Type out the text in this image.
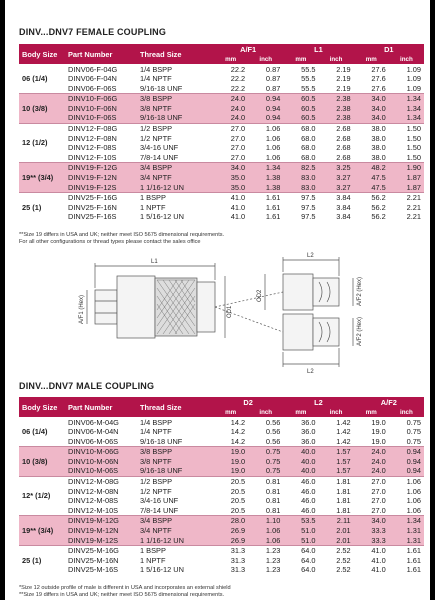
DINV...DNV7 FEMALE COUPLING
Body Size	Part Number	Thread Size	A/F1		L1		D1	
			mm	inch	mm	inch	mm	inch
06 (1/4)	DINV06-F-04G	1/4 BSPP	22.2	0.87	55.5	2.19	27.6	1.09
	DINV06-F-04N	1/4 NPTF	22.2	0.87	55.5	2.19	27.6	1.09
	DINV06-F-06S	9/16-18 UNF	22.2	0.87	55.5	2.19	27.6	1.09
10 (3/8)	DINV10-F-06G	3/8 BSPP	24.0	0.94	60.5	2.38	34.0	1.34
	DINV10-F-06N	3/8 NPTF	24.0	0.94	60.5	2.38	34.0	1.34
	DINV10-F-06S	9/16-18 UNF	24.0	0.94	60.5	2.38	34.0	1.34
12 (1/2)	DINV12-F-08G	1/2 BSPP	27.0	1.06	68.0	2.68	38.0	1.50
	DINV12-F-08N	1/2 NPTF	27.0	1.06	68.0	2.68	38.0	1.50
	DINV12-F-08S	3/4-16 UNF	27.0	1.06	68.0	2.68	38.0	1.50
	DINV12-F-10S	7/8-14 UNF	27.0	1.06	68.0	2.68	38.0	1.50
19** (3/4)	DINV19-F-12G	3/4 BSPP	34.0	1.34	82.5	3.25	48.2	1.90
	DINV19-F-12N	3/4 NPTF	35.0	1.38	83.0	3.27	47.5	1.87
	DINV19-F-12S	1 1/16-12 UN	35.0	1.38	83.0	3.27	47.5	1.87
25 (1)	DINV25-F-16G	1 BSPP	41.0	1.61	97.5	3.84	56.2	2.21
	DINV25-F-16N	1 NPTF	41.0	1.61	97.5	3.84	56.2	2.21
	DINV25-F-16S	1 5/16-12 UN	41.0	1.61	97.5	3.84	56.2	2.21
**Size 19 differs in USA and UK; neither meet ISO 5675 dimensional requirements.
For all other configurations or thread types please contact the sales office
L1
L2
L2
A/F1 (Hex)	OD1
OD2	A/F2 (Hex)
A/F2 (Hex)
DINV...DNV7 MALE COUPLING
Body Size	Part Number	Thread Size	D2		L2		A/F2	
			mm	inch	mm	inch	mm	inch
06 (1/4)	DINV06-M-04G	1/4 BSPP	14.2	0.56	36.0	1.42	19.0	0.75
	DINV06-M-04N	1/4 NPTF	14.2	0.56	36.0	1.42	19.0	0.75
	DINV06-M-06S	9/16-18 UNF	14.2	0.56	36.0	1.42	19.0	0.75
10 (3/8)	DINV10-M-06G	3/8 BSPP	19.0	0.75	40.0	1.57	24.0	0.94
	DINV10-M-06N	3/8 NPTF	19.0	0.75	40.0	1.57	24.0	0.94
	DINV10-M-06S	9/16-18 UNF	19.0	0.75	40.0	1.57	24.0	0.94
12* (1/2)	DINV12-M-08G	1/2 BSPP	20.5	0.81	46.0	1.81	27.0	1.06
	DINV12-M-08N	1/2 NPTF	20.5	0.81	46.0	1.81	27.0	1.06
	DINV12-M-08S	3/4-16 UNF	20.5	0.81	46.0	1.81	27.0	1.06
	DINV12-M-10S	7/8-14 UNF	20.5	0.81	46.0	1.81	27.0	1.06
19** (3/4)	DINV19-M-12G	3/4 BSPP	28.0	1.10	53.5	2.11	34.0	1.34
	DINV19-M-12N	3/4 NPTF	26.9	1.06	51.0	2.01	33.3	1.31
	DINV19-M-12S	1 1/16-12 UN	26.9	1.06	51.0	2.01	33.3	1.31
25 (1)	DINV25-M-16G	1 BSPP	31.3	1.23	64.0	2.52	41.0	1.61
	DINV25-M-16N	1 NPTF	31.3	1.23	64.0	2.52	41.0	1.61
	DINV25-M-16S	1 5/16-12 UN	31.3	1.23	64.0	2.52	41.0	1.61
*Size 12 outside profile of male is different in USA and incorporates an external shield
**Size 19 differs in USA and UK; neither meet ISO 5675 dimensional requirements.
